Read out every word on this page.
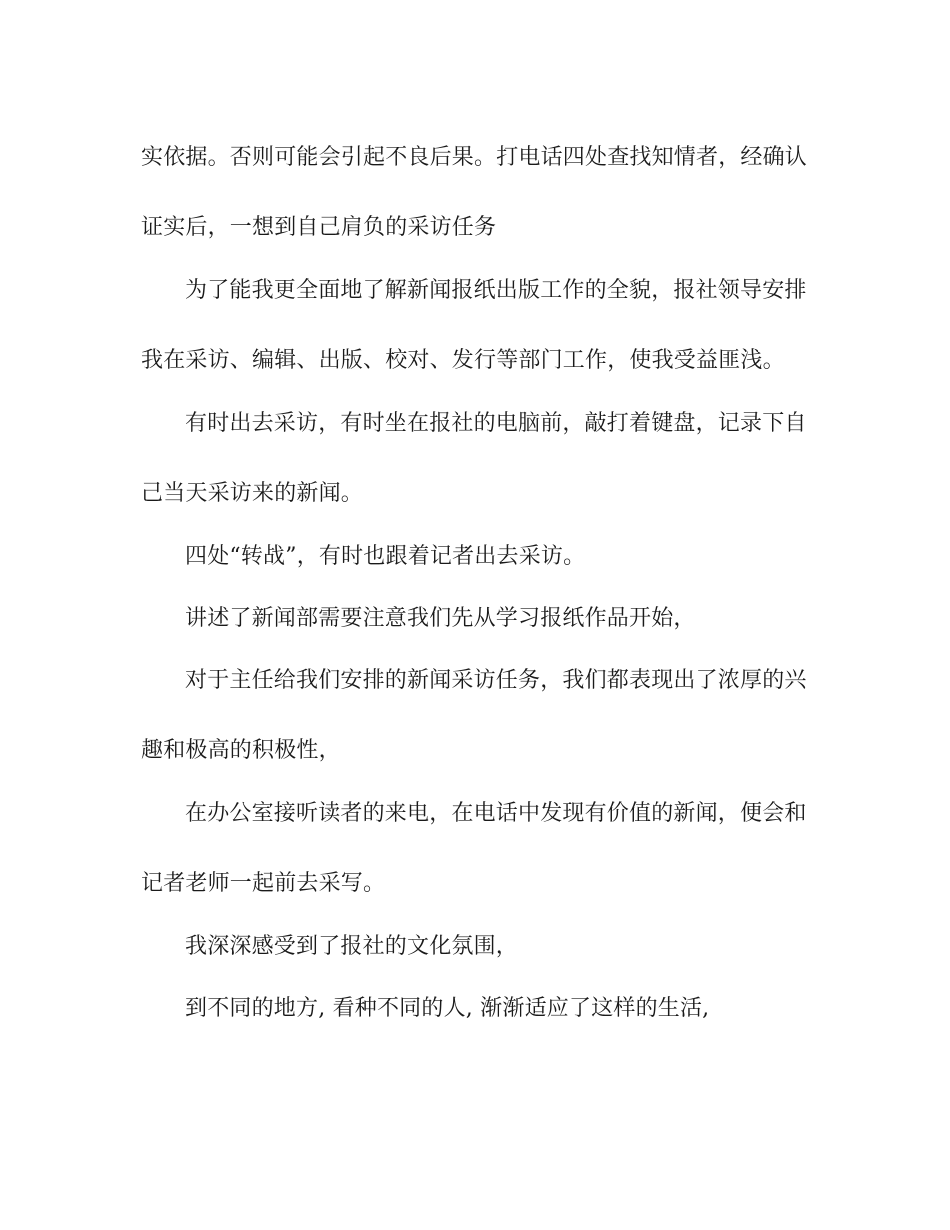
实依据。否则可能会引起不良后果。打电话四处查找知情者，经确认

证实后，一想到自己肩负的采访任务

为了能我更全面地了解新闻报纸出版工作的全貌，报社领导安排

我在采访、编辑、出版、校对、发行等部门工作，使我受益匪浅。

有时出去采访，有时坐在报社的电脑前，敲打着键盘，记录下自

己当天采访来的新闻。

四处“转战”，有时也跟着记者出去采访。

讲述了新闻部需要注意我们先从学习报纸作品开始，

对于主任给我们安排的新闻采访任务，我们都表现出了浓厚的兴

趣和极高的积极性，

在办公室接听读者的来电，在电话中发现有价值的新闻，便会和

记者老师一起前去采写。

我深深感受到了报社的文化氛围，

到不同的地方, 看种不同的人, 渐渐适应了这样的生活,
